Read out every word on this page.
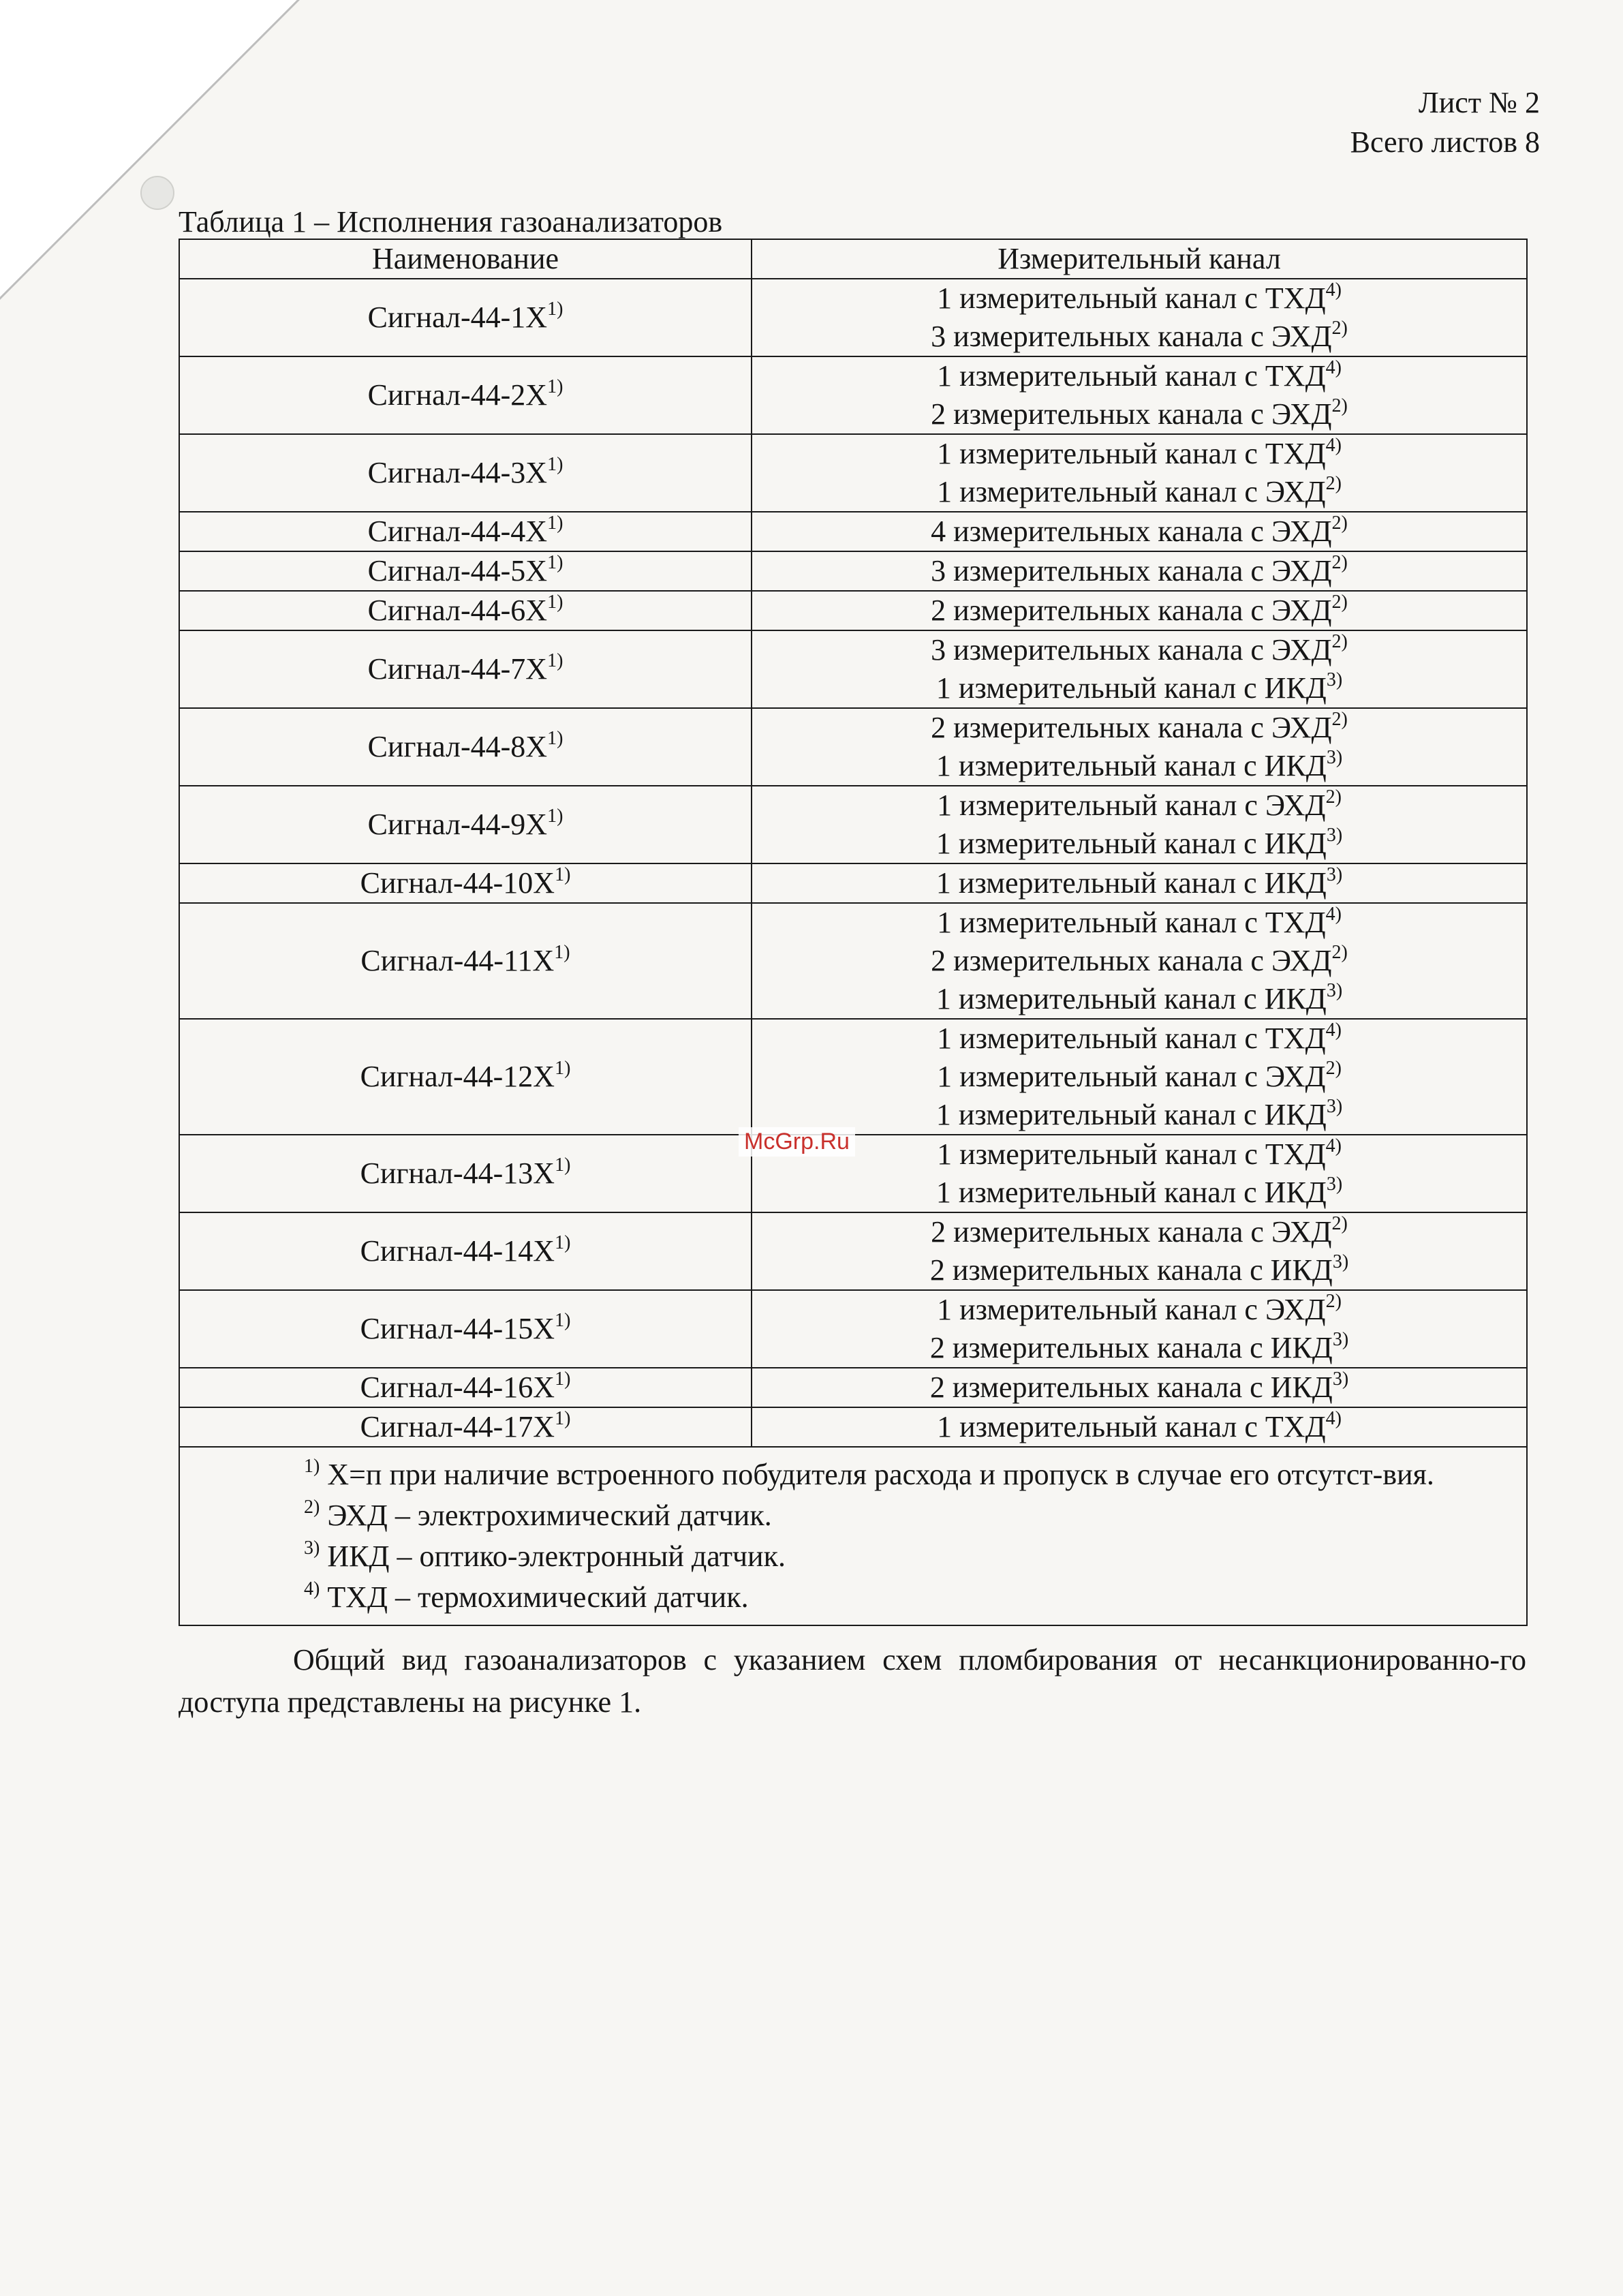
Лист № 2
Всего листов 8
Таблица 1 – Исполнения газоанализаторов
Наименование	Измерительный канал
Сигнал-$44-1Х^{1)}$	1 измерительный канал с ТХД$^{4)}$
3 измерительных канала с ЭХД$^{2)}$

Сигнал-$44-2Х^{1)}$	1 измерительный канал с ТХД$^{4)}$
2 измерительных канала с ЭХД$^{2)}$

Сигнал-$44-3Х^{1)}$	1 измерительный канал с ТХД$^{4)}$
1 измерительный канал с ЭХД$^{2)}$

Сигнал-$44-4Х^{1)}$	4 измерительных канала с ЭХД$^{2)}$

Сигнал-$44-5Х^{1)}$	3 измерительных канала с ЭХД$^{2)}$

Сигнал-$44-6Х^{1)}$	2 измерительных канала с ЭХД$^{2)}$

Сигнал-$44-7Х^{1)}$	3 измерительных канала с ЭХД$^{2)}$
1 измерительный канал с ИКД$^{3)}$

Сигнал-$44-8Х^{1)}$	2 измерительных канала с ЭХД$^{2)}$
1 измерительный канал с ИКД$^{3)}$

Сигнал-$44-9Х^{1)}$	1 измерительный канал с ЭХД$^{2)}$
1 измерительный канал с ИКД$^{3)}$

Сигнал-$44-10Х^{1)}$	1 измерительный канал с ИКД$^{3)}$

Сигнал-$44-11Х^{1)}$	1 измерительный канал с ТХД$^{4)}$
2 измерительных канала с ЭХД$^{2)}$
1 измерительный канал с ИКД$^{3)}$

Сигнал-$44-12Х^{1)}$	1 измерительный канал с ТХД$^{4)}$
1 измерительный канал с ЭХД$^{2)}$
1 измерительный канал с ИКД$^{3)}$

Сигнал-$44-13Х^{1)}$	1 измерительный канал с ТХД$^{4)}$
1 измерительный канал с ИКД$^{3)}$

Сигнал-$44-14Х^{1)}$	2 измерительных канала с ЭХД$^{2)}$
2 измерительных канала с ИКД$^{3)}$

Сигнал-$44-15Х^{1)}$	1 измерительный канал с ЭХД$^{2)}$
2 измерительных канала с ИКД$^{3)}$

Сигнал-$44-16Х^{1)}$	2 измерительных канала с ИКД$^{3)}$

Сигнал-$44-17Х^{1)}$	1 измерительный канал с ТХД$^{4)}$

$^{1)}$ Х=п при наличие встроенного побудителя расхода и пропуск в случае его отсутст-вия.
$^{2)}$ ЭХД – электрохимический датчик.
$^{3)}$ ИКД – оптико-электронный датчик.
$^{4)}$ ТХД – термохимический датчик.	
Общий вид газоанализаторов с указанием схем пломбирования от несанкционированно-го доступа представлены на рисунке 1.
McGrp.Ru
